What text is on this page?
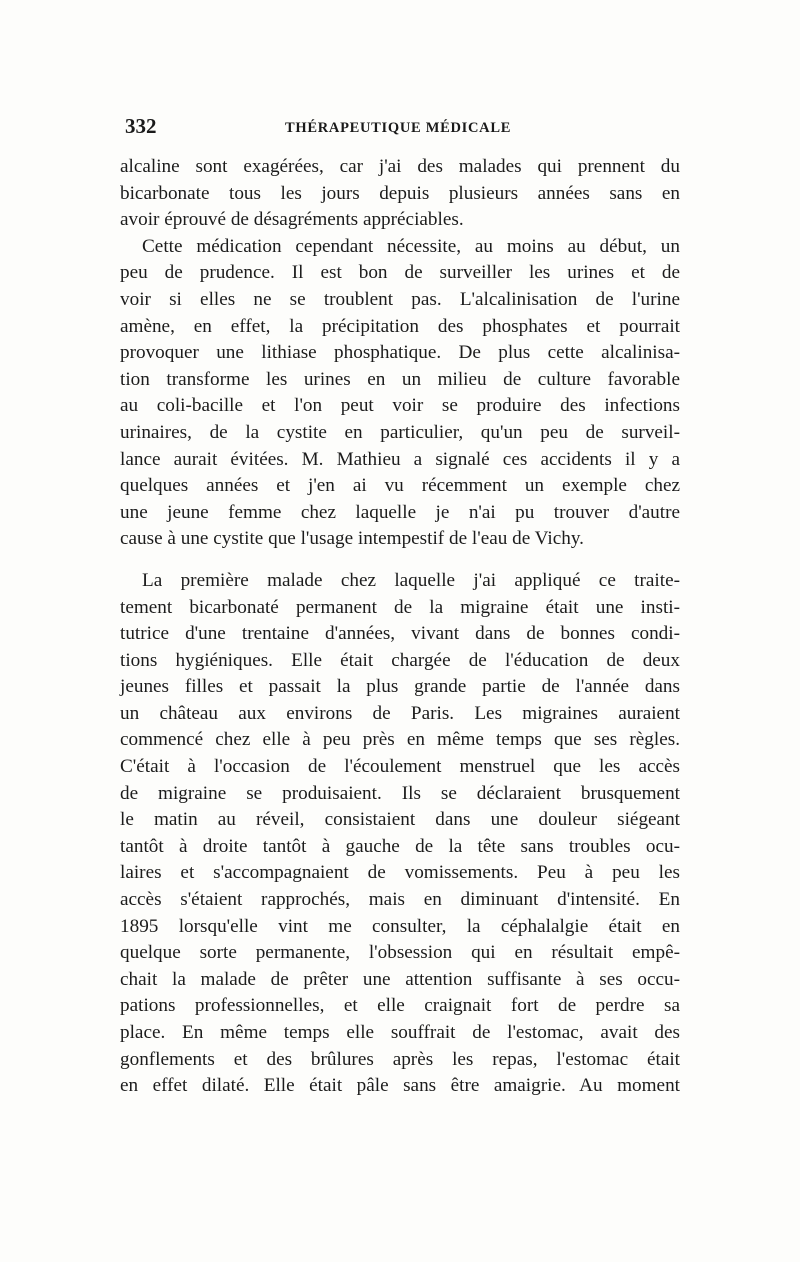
332	THÉRAPEUTIQUE MÉDICALE
alcaline sont exagérées, car j'ai des malades qui prennent du
bicarbonate tous les jours depuis plusieurs années sans en
avoir éprouvé de désagréments appréciables.
Cette médication cependant nécessite, au moins au début, un
peu de prudence. Il est bon de surveiller les urines et de
voir si elles ne se troublent pas. L'alcalinisation de l'urine
amène, en effet, la précipitation des phosphates et pourrait
provoquer une lithiase phosphatique. De plus cette alcalinisa-
tion transforme les urines en un milieu de culture favorable
au coli-bacille et l'on peut voir se produire des infections
urinaires, de la cystite en particulier, qu'un peu de surveil-
lance aurait évitées. M. Mathieu a signalé ces accidents il y a
quelques années et j'en ai vu récemment un exemple chez
une jeune femme chez laquelle je n'ai pu trouver d'autre
cause à une cystite que l'usage intempestif de l'eau de Vichy.
La première malade chez laquelle j'ai appliqué ce traite-
tement bicarbonaté permanent de la migraine était une insti-
tutrice d'une trentaine d'années, vivant dans de bonnes condi-
tions hygiéniques. Elle était chargée de l'éducation de deux
jeunes filles et passait la plus grande partie de l'année dans
un château aux environs de Paris. Les migraines auraient
commencé chez elle à peu près en même temps que ses règles.
C'était à l'occasion de l'écoulement menstruel que les accès
de migraine se produisaient. Ils se déclaraient brusquement
le matin au réveil, consistaient dans une douleur siégeant
tantôt à droite tantôt à gauche de la tête sans troubles ocu-
laires et s'accompagnaient de vomissements. Peu à peu les
accès s'étaient rapprochés, mais en diminuant d'intensité. En
1895 lorsqu'elle vint me consulter, la céphalalgie était en
quelque sorte permanente, l'obsession qui en résultait empê-
chait la malade de prêter une attention suffisante à ses occu-
pations professionnelles, et elle craignait fort de perdre sa
place. En même temps elle souffrait de l'estomac, avait des
gonflements et des brûlures après les repas, l'estomac était
en effet dilaté. Elle était pâle sans être amaigrie. Au moment
